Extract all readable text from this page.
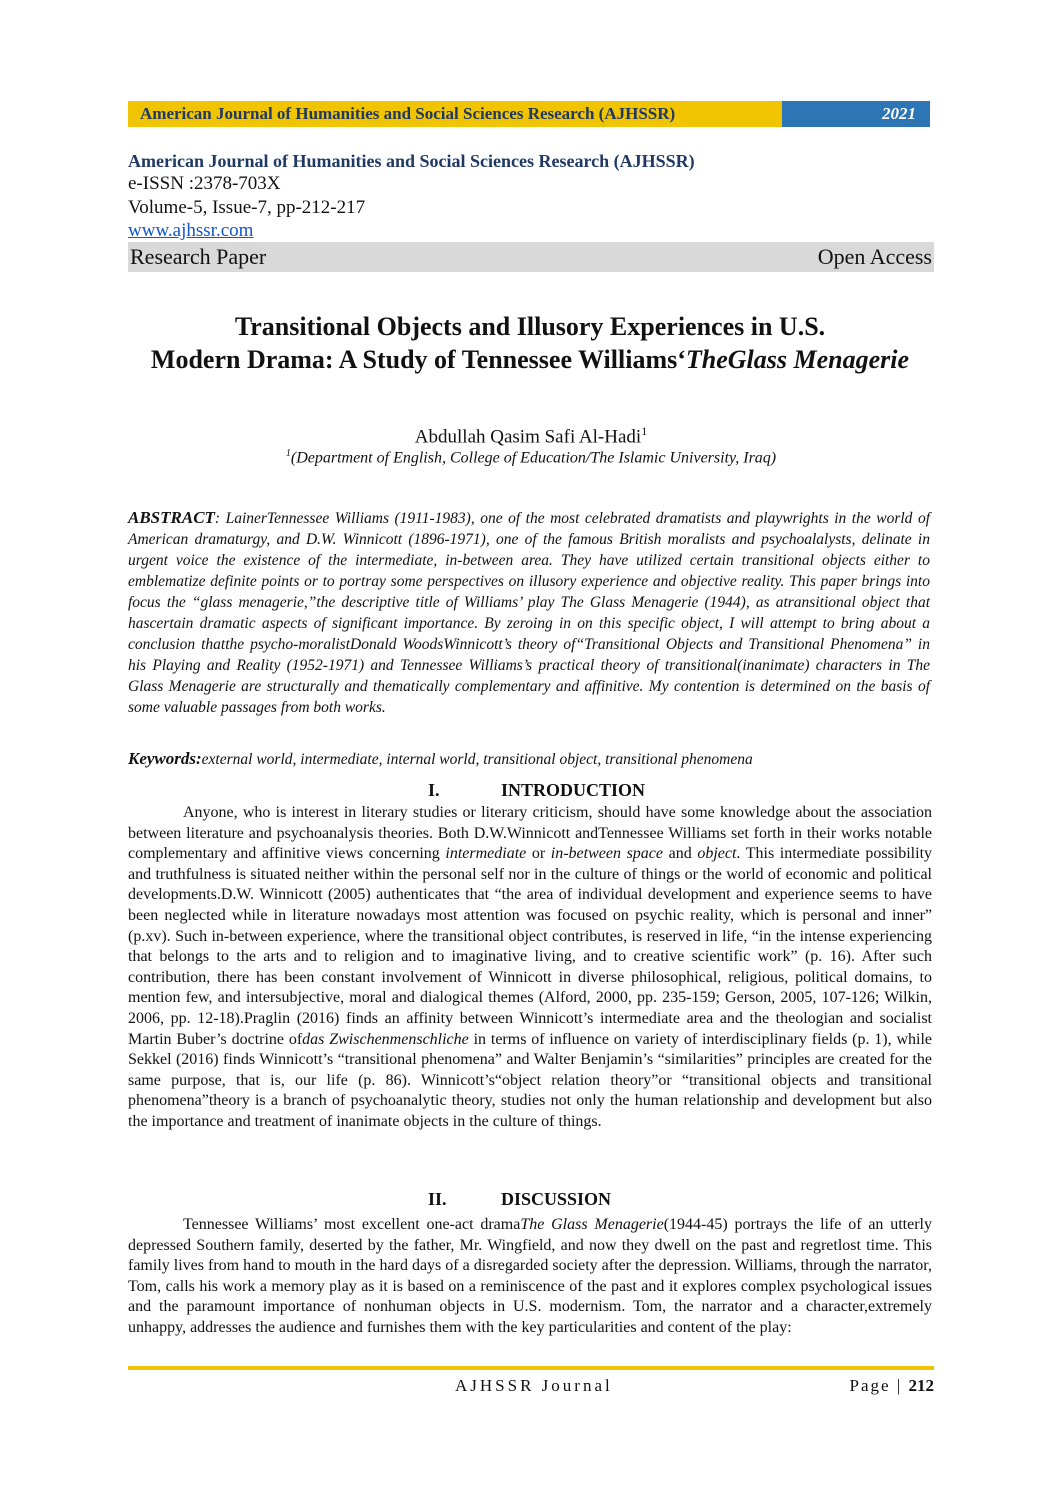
American Journal of Humanities and Social Sciences Research (AJHSSR)	2021
American Journal of Humanities and Social Sciences Research (AJHSSR)
e-ISSN :2378-703X
Volume-5, Issue-7, pp-212-217
www.ajhssr.com
Research Paper	Open Access
Transitional Objects and Illusory Experiences in U.S.
Modern Drama: A Study of Tennessee Williams‘TheGlass Menagerie
Abdullah Qasim Safi Al-Hadi$^1$
$^1$(Department of English, College of Education/The Islamic University, Iraq)
ABSTRACT: LainerTennessee Williams (1911-1983), one of the most celebrated dramatists and playwrights in the world of American dramaturgy, and D.W. Winnicott (1896-1971), one of the famous British moralists and psychoalalysts, delinate in urgent voice the existence of the intermediate, in-between area. They have utilized certain transitional objects either to emblematize definite points or to portray some perspectives on illusory experience and objective reality. This paper brings into focus the “glass menagerie,”the descriptive title of Williams’ play The Glass Menagerie (1944), as atransitional object that hascertain dramatic aspects of significant importance. By zeroing in on this specific object, I will attempt to bring about a conclusion thatthe psycho-moralistDonald WoodsWinnicott’s theory of“Transitional Objects and Transitional Phenomena” in his Playing and Reality (1952-1971) and Tennessee Williams’s practical theory of transitional(inanimate) characters in The Glass Menagerie are structurally and thematically complementary and affinitive. My contention is determined on the basis of some valuable passages from both works.
Keywords:external world, intermediate, internal world, transitional object, transitional phenomena
I.	INTRODUCTION

Anyone, who is interest in literary studies or literary criticism, should have some knowledge about the association between literature and psychoanalysis theories. Both D.W.Winnicott andTennessee Williams set forth in their works notable complementary and affinitive views concerning intermediate or in-between space and object. This intermediate possibility and truthfulness is situated neither within the personal self nor in the culture of things or the world of economic and political developments.D.W. Winnicott (2005) authenticates that “the area of individual development and experience seems to have been neglected while in literature nowadays most attention was focused on psychic reality, which is personal and inner” (p.xv). Such in-between experience, where the transitional object contributes, is reserved in life, “in the intense experiencing that belongs to the arts and to religion and to imaginative living, and to creative scientific work” (p. 16). After such contribution, there has been constant involvement of Winnicott in diverse philosophical, religious, political domains, to mention few, and intersubjective, moral and dialogical themes (Alford, 2000, pp. 235-159; Gerson, 2005, 107-126; Wilkin, 2006, pp. 12-18).Praglin (2016) finds an affinity between Winnicott’s intermediate area and the theologian and socialist Martin Buber’s doctrine ofdas Zwischenmenschliche in terms of influence on variety of interdisciplinary fields (p. 1), while Sekkel (2016) finds Winnicott’s “transitional phenomena” and Walter Benjamin’s “similarities” principles are created for the same purpose, that is, our life (p. 86). Winnicott’s“object relation theory”or “transitional objects and transitional phenomena”theory is a branch of psychoanalytic theory, studies not only the human relationship and development but also the importance and treatment of inanimate objects in the culture of things.

II.	DISCUSSION

Tennessee Williams’ most excellent one-act dramaThe Glass Menagerie(1944-45) portrays the life of an utterly depressed Southern family, deserted by the father, Mr. Wingfield, and now they dwell on the past and regretlost time. This family lives from hand to mouth in the hard days of a disregarded society after the depression. Williams, through the narrator, Tom, calls his work a memory play as it is based on a reminiscence of the past and it explores complex psychological issues and the paramount importance of nonhuman objects in U.S. modernism. Tom, the narrator and a character,extremely unhappy, addresses the audience and furnishes them with the key particularities and content of the play:

AJHSSR Journal	Page | 212
